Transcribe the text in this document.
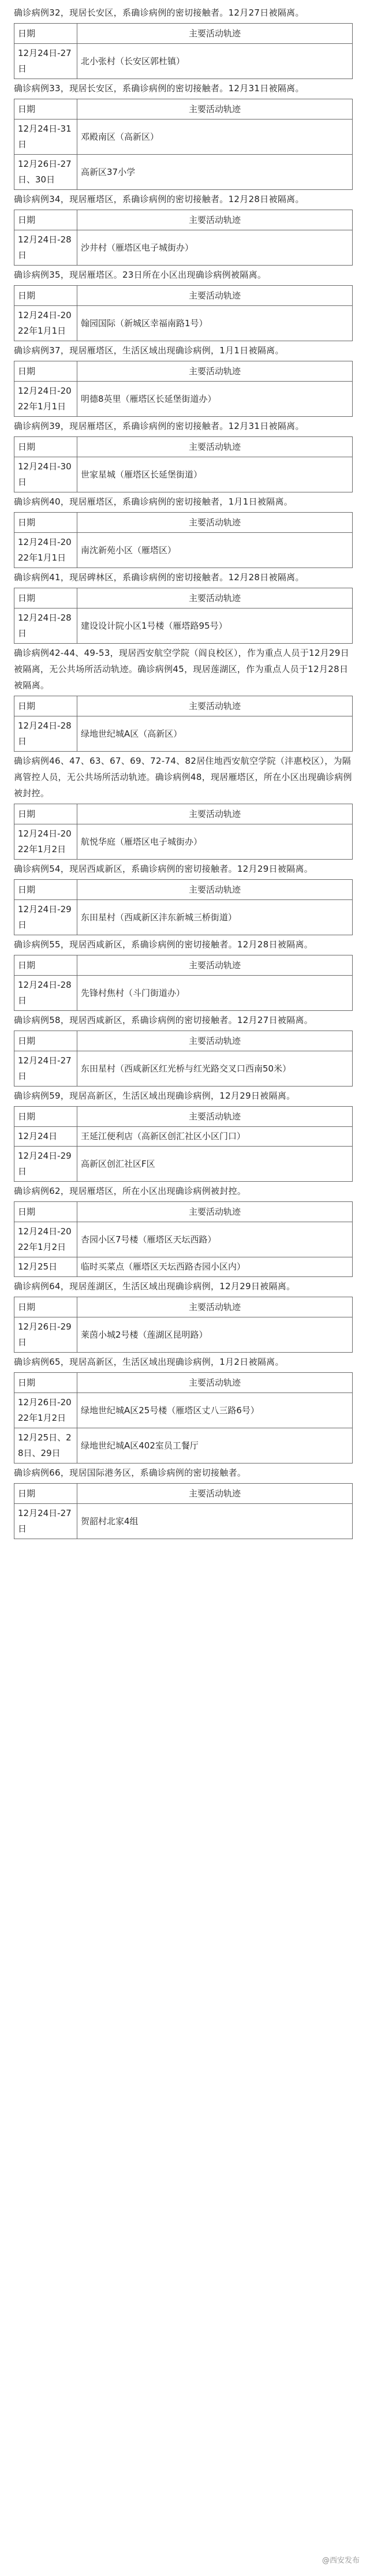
确诊病例32，现居长安区，系确诊病例的密切接触者。12月27日被隔离。

日期	主要活动轨迹
12月24日-27日	北小张村（长安区郭杜镇）

确诊病例33，现居长安区，系确诊病例的密切接触者。12月31日被隔离。

日期	主要活动轨迹
12月24日-31日	邓殿南区（高新区）
12月26日-27日、30日	高新区37小学

确诊病例34，现居雁塔区，系确诊病例的密切接触者。12月28日被隔离。

日期	主要活动轨迹
12月24日-28日	沙井村（雁塔区电子城街办）

确诊病例35，现居雁塔区。23日所在小区出现确诊病例被隔离。

日期	主要活动轨迹
12月24日-2022年1月1日	翰园国际（新城区幸福南路1号）

确诊病例37，现居雁塔区，生活区域出现确诊病例，1月1日被隔离。

日期	主要活动轨迹
12月24日-2022年1月1日	明德8英里（雁塔区长延堡街道办）

确诊病例39，现居雁塔区，系确诊病例的密切接触者。12月31日被隔离。

日期	主要活动轨迹
12月24日-30日	世家星城（雁塔区长延堡街道）

确诊病例40，现居雁塔区，系确诊病例的密切接触者，1月1日被隔离。

日期	主要活动轨迹
12月24日-2022年1月1日	南沈新苑小区（雁塔区）

确诊病例41，现居碑林区，系确诊病例的密切接触者。12月28日被隔离。

日期	主要活动轨迹
12月24日-28日	建设设计院小区1号楼（雁塔路95号）

确诊病例42-44、49-53，现居西安航空学院（阎良校区），作为重点人员于12月29日被隔离，无公共场所活动轨迹。确诊病例45，现居莲湖区，作为重点人员于12月28日被隔离。

日期	主要活动轨迹
12月24日-28日	绿地世纪城A区（高新区）

确诊病例46、47、63、67、69、72-74、82居住地西安航空学院（沣惠校区），为隔离管控人员，无公共场所活动轨迹。确诊病例48，现居雁塔区，所在小区出现确诊病例被封控。

日期	主要活动轨迹
12月24日-2022年1月2日	航悦华庭（雁塔区电子城街办）

确诊病例54，现居西咸新区，系确诊病例的密切接触者。12月29日被隔离。

日期	主要活动轨迹
12月24日-29日	东田星村（西咸新区沣东新城三桥街道）

确诊病例55，现居西咸新区，系确诊病例的密切接触者。12月28日被隔离。

日期	主要活动轨迹
12月24日-28日	先锋村焦村（斗门街道办）

确诊病例58，现居西咸新区，系确诊病例的密切接触者。12月27日被隔离。

日期	主要活动轨迹
12月24日-27日	东田星村（西咸新区红光桥与红光路交叉口西南50米）

确诊病例59，现居高新区，生活区域出现确诊病例，12月29日被隔离。

日期	主要活动轨迹
12月24日	王延江便利店（高新区创汇社区小区门口）
12月24日-29日	高新区创汇社区F区

确诊病例62，现居雁塔区，所在小区出现确诊病例被封控。

日期	主要活动轨迹
12月24日-2022年1月2日	杏园小区7号楼（雁塔区天坛西路）
12月25日	临时买菜点（雁塔区天坛西路杏园小区内）

确诊病例64，现居莲湖区，生活区域出现确诊病例，12月29日被隔离。

日期	主要活动轨迹
12月26日-29日	莱茵小城2号楼（莲湖区昆明路）

确诊病例65，现居高新区，生活区域出现确诊病例，1月2日被隔离。

日期	主要活动轨迹
12月26日-2022年1月2日	绿地世纪城A区25号楼（雁塔区丈八三路6号）
12月25日、28日、29日	绿地世纪城A区402室员工餐厅

确诊病例66，现居国际港务区，系确诊病例的密切接触者。

日期	主要活动轨迹
12月24日-27日	贺韶村北家4组
@西安发布
